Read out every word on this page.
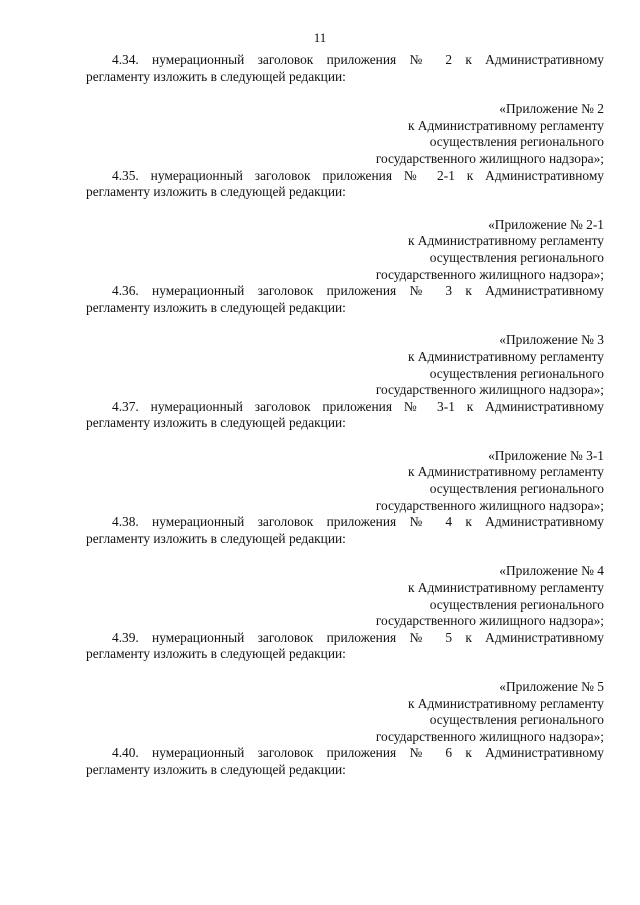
11

4.34. нумерационный заголовок приложения № 2 к Административному

регламенту изложить в следующей редакции:

«Приложение № 2
к Административному регламенту
осуществления регионального
государственного жилищного надзора»;

4.35. нумерационный заголовок приложения № 2-1 к Административному

регламенту изложить в следующей редакции:

«Приложение № 2-1
к Административному регламенту
осуществления регионального
государственного жилищного надзора»;

4.36. нумерационный заголовок приложения № 3 к Административному

регламенту изложить в следующей редакции:

«Приложение № 3
к Административному регламенту
осуществления регионального
государственного жилищного надзора»;

4.37. нумерационный заголовок приложения № 3-1 к Административному

регламенту изложить в следующей редакции:

«Приложение № 3-1
к Административному регламенту
осуществления регионального
государственного жилищного надзора»;

4.38. нумерационный заголовок приложения № 4 к Административному

регламенту изложить в следующей редакции:

«Приложение № 4
к Административному регламенту
осуществления регионального
государственного жилищного надзора»;

4.39. нумерационный заголовок приложения № 5 к Административному

регламенту изложить в следующей редакции:

«Приложение № 5
к Административному регламенту
осуществления регионального
государственного жилищного надзора»;

4.40. нумерационный заголовок приложения № 6 к Административному

регламенту изложить в следующей редакции:
